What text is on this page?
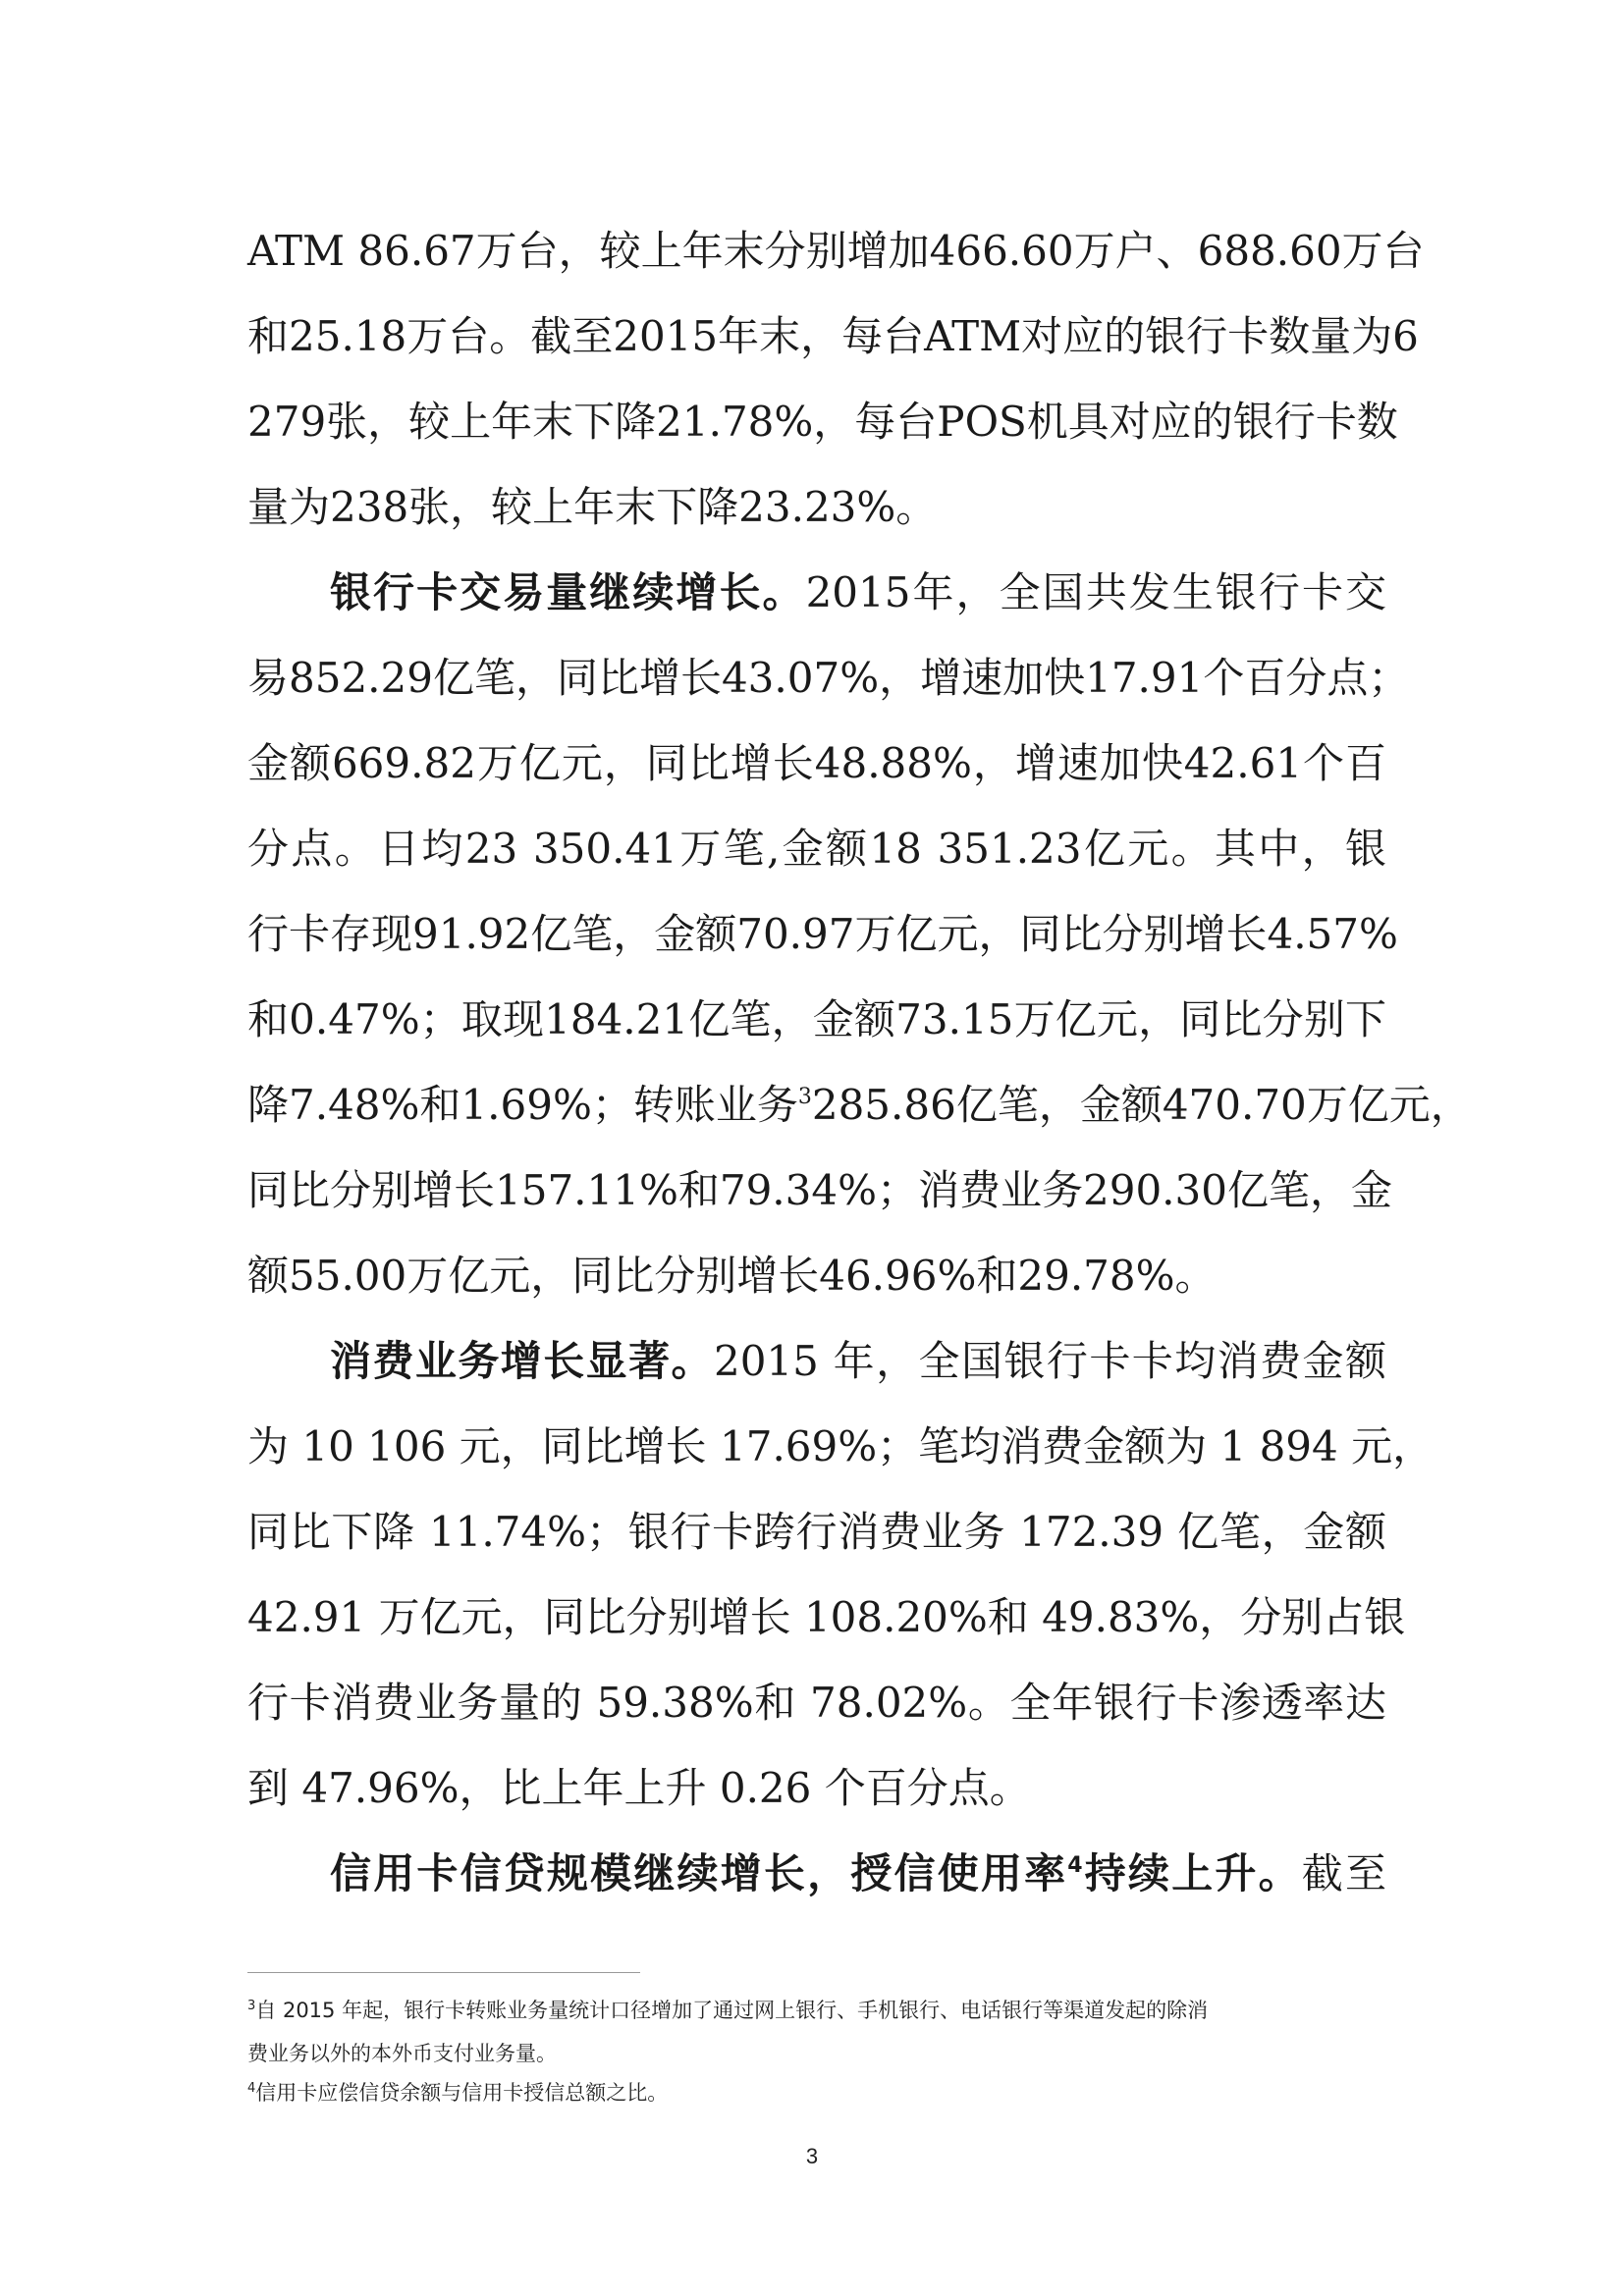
ATM 86.67万台，较上年末分别增加466.60万户、688.60万台
和25.18万台。截至2015年末，每台ATM对应的银行卡数量为6
279张，较上年末下降21.78%，每台POS机具对应的银行卡数
量为238张，较上年末下降23.23%。
银行卡交易量继续增长。2015年，全国共发生银行卡交
易852.29亿笔，同比增长43.07%，增速加快17.91个百分点；
金额669.82万亿元，同比增长48.88%，增速加快42.61个百
分点。日均23 350.41万笔,金额18 351.23亿元。其中，银
行卡存现91.92亿笔，金额70.97万亿元，同比分别增长4.57%
和0.47%；取现184.21亿笔，金额73.15万亿元，同比分别下
降7.48%和1.69%；转账业务$^3$285.86亿笔，金额470.70万亿元，
同比分别增长157.11%和79.34%；消费业务290.30亿笔，金
额55.00万亿元，同比分别增长46.96%和29.78%。
消费业务增长显著。2015 年，全国银行卡卡均消费金额
为 10 106 元，同比增长 17.69%；笔均消费金额为 1 894 元，
同比下降 11.74%；银行卡跨行消费业务 172.39 亿笔，金额
42.91 万亿元，同比分别增长 108.20%和 49.83%，分别占银
行卡消费业务量的 59.38%和 78.02%。全年银行卡渗透率达
到 47.96%，比上年上升 0.26 个百分点。
信用卡信贷规模继续增长，授信使用率$^4$持续上升。截至
$^3$自 2015 年起，银行卡转账业务量统计口径增加了通过网上银行、手机银行、电话银行等渠道发起的除消
费业务以外的本外币支付业务量。
$^4$信用卡应偿信贷余额与信用卡授信总额之比。
3
